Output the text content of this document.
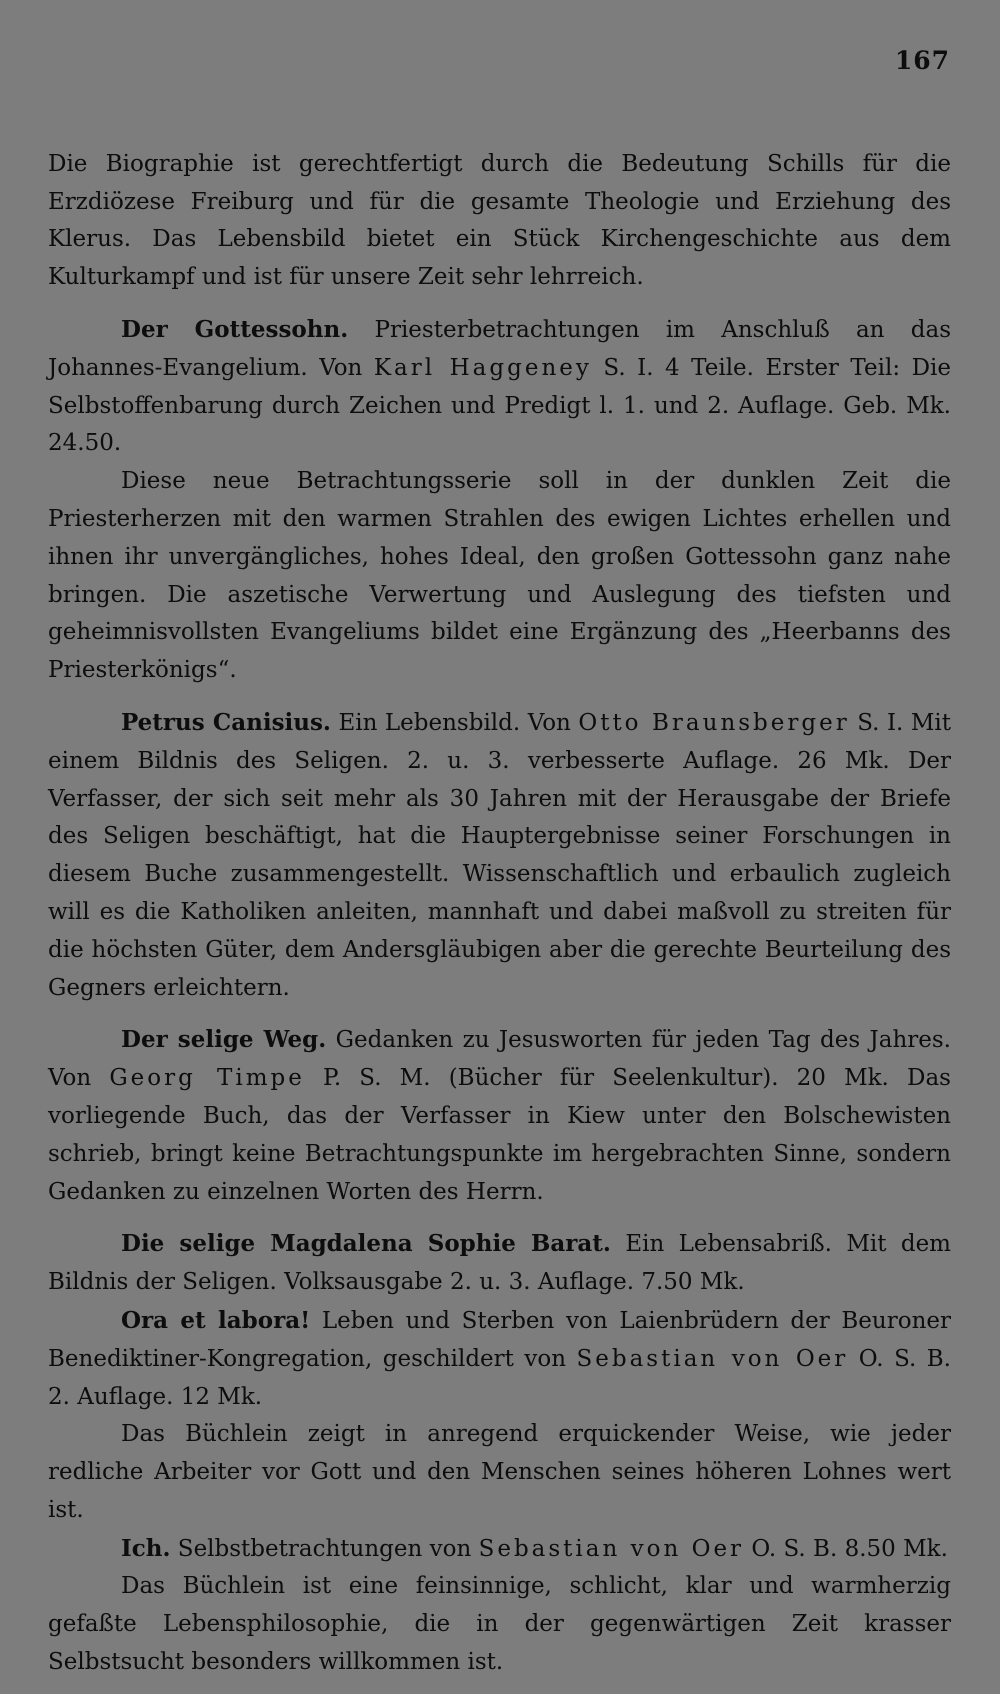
167

Die Biographie ist gerechtfertigt durch die Bedeutung Schills für die Erzdiözese Freiburg und für die gesamte Theologie und Erziehung des Klerus. Das Lebensbild bietet ein Stück Kirchengeschichte aus dem Kulturkampf und ist für unsere Zeit sehr lehrreich.

Der Gottessohn. Priesterbetrachtungen im Anschluß an das Johannes-Evangelium. Von Karl Haggeney S. I. 4 Teile. Erster Teil: Die Selbstoffenbarung durch Zeichen und Predigt l. 1. und 2. Auflage. Geb. Mk. 24.50.

Diese neue Betrachtungsserie soll in der dunklen Zeit die Priesterherzen mit den warmen Strahlen des ewigen Lichtes erhellen und ihnen ihr unvergängliches, hohes Ideal, den großen Gottessohn ganz nahe bringen. Die aszetische Verwertung und Auslegung des tiefsten und geheimnisvollsten Evangeliums bildet eine Ergänzung des „Heerbanns des Priesterkönigs“.

Petrus Canisius. Ein Lebensbild. Von Otto Braunsberger S. I. Mit einem Bildnis des Seligen. 2. u. 3. verbesserte Auflage. 26 Mk. Der Verfasser, der sich seit mehr als 30 Jahren mit der Herausgabe der Briefe des Seligen beschäftigt, hat die Hauptergebnisse seiner Forschungen in diesem Buche zusammengestellt. Wissenschaftlich und erbaulich zugleich will es die Katholiken anleiten, mannhaft und dabei maßvoll zu streiten für die höchsten Güter, dem Andersgläubigen aber die gerechte Beurteilung des Gegners erleichtern.

Der selige Weg. Gedanken zu Jesusworten für jeden Tag des Jahres. Von Georg Timpe P. S. M. (Bücher für Seelenkultur). 20 Mk. Das vorliegende Buch, das der Verfasser in Kiew unter den Bolschewisten schrieb, bringt keine Betrachtungspunkte im hergebrachten Sinne, sondern Gedanken zu einzelnen Worten des Herrn.

Die selige Magdalena Sophie Barat. Ein Lebensabriß. Mit dem Bildnis der Seligen. Volksausgabe 2. u. 3. Auflage. 7.50 Mk.

Ora et labora! Leben und Sterben von Laienbrüdern der Beuroner Benediktiner-Kongregation, geschildert von Sebastian von Oer O. S. B. 2. Auflage. 12 Mk.

Das Büchlein zeigt in anregend erquickender Weise, wie jeder redliche Arbeiter vor Gott und den Menschen seines höheren Lohnes wert ist.

Ich. Selbstbetrachtungen von Sebastian von Oer O. S. B. 8.50 Mk.

Das Büchlein ist eine feinsinnige, schlicht, klar und warmherzig gefaßte Lebensphilosophie, die in der gegenwärtigen Zeit krasser Selbstsucht besonders willkommen ist.
